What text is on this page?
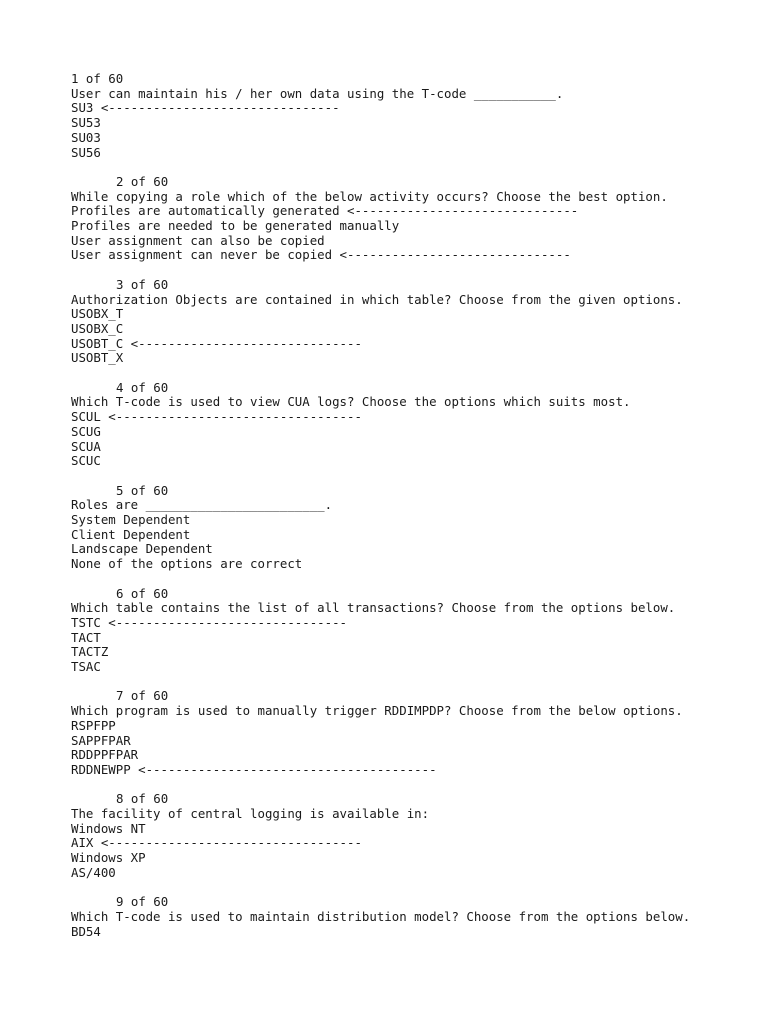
1 of 60
User can maintain his / her own data using the T-code ___________.
SU3 <-------------------------------
SU53
SU03
SU56
2 of 60
While copying a role which of the below activity occurs? Choose the best option.
Profiles are automatically generated <------------------------------
Profiles are needed to be generated manually
User assignment can also be copied
User assignment can never be copied <------------------------------
3 of 60
Authorization Objects are contained in which table? Choose from the given options.
USOBX_T
USOBX_C
USOBT_C <------------------------------
USOBT_X
4 of 60
Which T-code is used to view CUA logs? Choose the options which suits most.
SCUL <---------------------------------
SCUG
SCUA
SCUC
5 of 60
Roles are ________________________.
System Dependent
Client Dependent
Landscape Dependent
None of the options are correct
6 of 60
Which table contains the list of all transactions? Choose from the options below.
TSTC <-------------------------------
TACT
TACTZ
TSAC
7 of 60
Which program is used to manually trigger RDDIMPDP? Choose from the below options.
RSPFPP
SAPPFPAR
RDDPPFPAR
RDDNEWPP <---------------------------------------
8 of 60
The facility of central logging is available in:
Windows NT
AIX <----------------------------------
Windows XP
AS/400
9 of 60
Which T-code is used to maintain distribution model? Choose from the options below.
BD54
